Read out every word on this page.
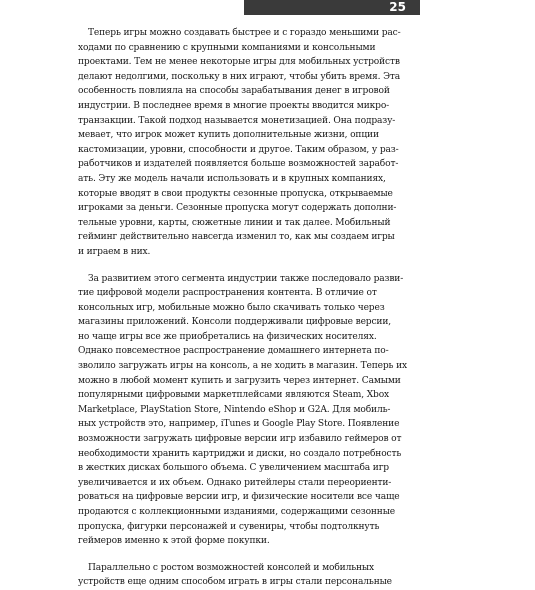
Краткая история
25
Теперь игры можно создавать быстрее и с гораздо меньшими рас-
ходами по сравнению с крупными компаниями и консольными
проектами. Тем не менее некоторые игры для мобильных устройств
делают недолгими, поскольку в них играют, чтобы убить время. Эта
особенность повлияла на способы зарабатывания денег в игровой
индустрии. В последнее время в многие проекты вводится микро-
транзакции. Такой подход называется монетизацией. Она подразу-
мевает, что игрок может купить дополнительные жизни, опции
кастомизации, уровни, способности и другое. Таким образом, у раз-
работчиков и издателей появляется больше возможностей заработ-
ать. Эту же модель начали использовать и в крупных компаниях,
которые вводят в свои продукты сезонные пропуска, открываемые
игроками за деньги. Сезонные пропуска могут содержать дополни-
тельные уровни, карты, сюжетные линии и так далее. Мобильный
гейминг действительно навсегда изменил то, как мы создаем игры
и играем в них.
За развитием этого сегмента индустрии также последовало разви-
тие цифровой модели распространения контента. В отличие от
консольных игр, мобильные можно было скачивать только через
магазины приложений. Консоли поддерживали цифровые версии,
но чаще игры все же приобретались на физических носителях.
Однако повсеместное распространение домашнего интернета по-
зволило загружать игры на консоль, а не ходить в магазин. Теперь их
можно в любой момент купить и загрузить через интернет. Самыми
популярными цифровыми маркетплейсами являются Steam, Xbox
Marketplace, PlayStation Store, Nintendo eShop и G2A. Для мобиль-
ных устройств это, например, iTunes и Google Play Store. Появление
возможности загружать цифровые версии игр избавило геймеров от
необходимости хранить картриджи и диски, но создало потребность
в жестких дисках большого объема. С увеличением масштаба игр
увеличивается и их объем. Однако ритейлеры стали переориенти-
роваться на цифровые версии игр, и физические носители все чаще
продаются с коллекционными изданиями, содержащими сезонные
пропуска, фигурки персонажей и сувениры, чтобы подтолкнуть
геймеров именно к этой форме покупки.
Параллельно с ростом возможностей консолей и мобильных
устройств еще одним способом играть в игры стали персональные
